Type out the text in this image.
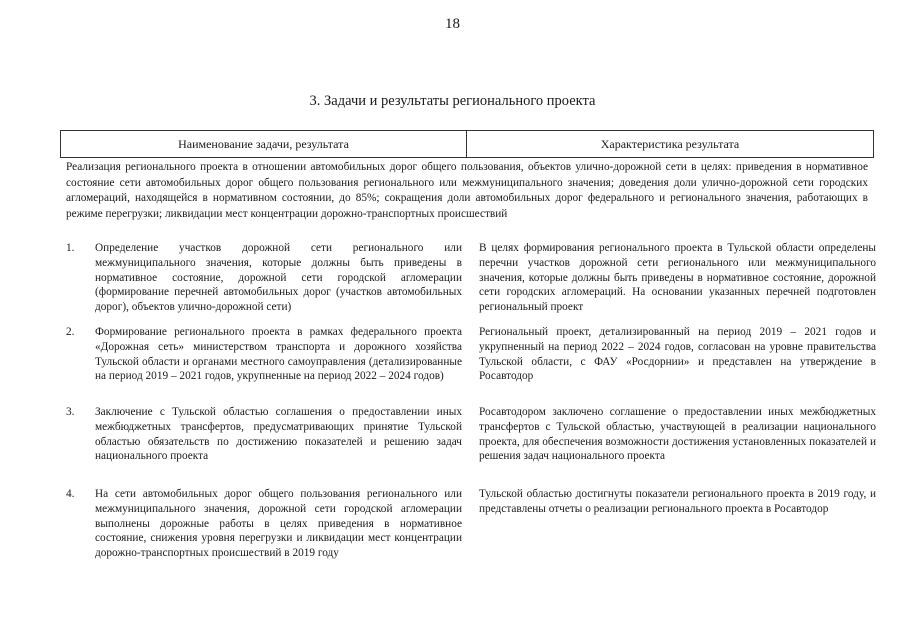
18
3. Задачи и результаты регионального проекта
Наименование задачи, результата	Характеристика результата
Реализация регионального проекта в отношении автомобильных дорог общего пользования, объектов улично-дорожной сети в целях: приведения в нормативное состояние сети автомобильных дорог общего пользования регионального или межмуниципального значения; доведения доли улично-дорожной сети городских агломераций, находящейся в нормативном состоянии, до 85%; сокращения доли автомобильных дорог федерального и регионального значения, работающих в режиме перегрузки; ликвидации мест концентрации дорожно-транспортных происшествий
1.	Определение участков дорожной сети регионального или межмуниципального значения, которые должны быть приведены в нормативное состояние, дорожной сети городской агломерации (формирование перечней автомобильных дорог (участков автомобильных дорог), объектов улично-дорожной сети)
В целях формирования регионального проекта в Тульской области определены перечни участков дорожной сети регионального или межмуниципального значения, которые должны быть приведены в нормативное состояние, дорожной сети городских агломераций. На основании указанных перечней подготовлен региональный проект
2.	Формирование регионального проекта в рамках федерального проекта «Дорожная сеть» министерством транспорта и дорожного хозяйства Тульской области и органами местного самоуправления (детализированные на период 2019 – 2021 годов, укрупненные на период 2022 – 2024 годов)
Региональный проект, детализированный на период 2019 – 2021 годов и укрупненный на период 2022 – 2024 годов, согласован на уровне правительства Тульской области, с ФАУ «Росдорнии» и представлен на утверждение в Росавтодор
3.	Заключение с Тульской областью соглашения о предоставлении иных межбюджетных трансфертов, предусматривающих принятие Тульской областью обязательств по достижению показателей и решению задач национального проекта
Росавтодором заключено соглашение о предоставлении иных межбюджетных трансфертов с Тульской областью, участвующей в реализации национального проекта, для обеспечения возможности достижения установленных показателей и решения задач национального проекта
4.	На сети автомобильных дорог общего пользования регионального или межмуниципального значения, дорожной сети городской агломерации выполнены дорожные работы в целях приведения в нормативное состояние, снижения уровня перегрузки и ликвидации мест концентрации дорожно-транспортных происшествий в 2019 году
Тульской областью достигнуты показатели регионального проекта в 2019 году, и представлены отчеты о реализации регионального проекта в Росавтодор
